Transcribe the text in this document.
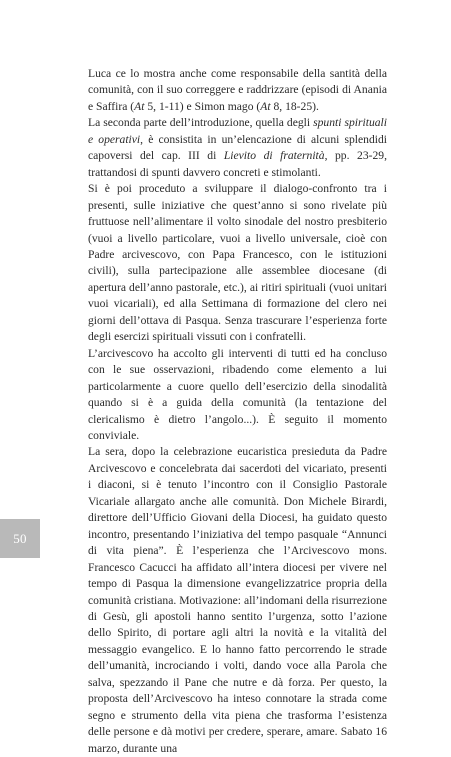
Luca ce lo mostra anche come responsabile della santità della comunità, con il suo correggere e raddrizzare (episodi di Anania e Saffira (At 5, 1-11) e Simon mago (At 8, 18-25).

La seconda parte dell’introduzione, quella degli spunti spirituali e operativi, è consistita in un’elencazione di alcuni splendidi capoversi del cap. III di Lievito di fraternità, pp. 23-29, trattandosi di spunti davvero concreti e stimolanti.

Si è poi proceduto a sviluppare il dialogo-confronto tra i presenti, sulle iniziative che quest’anno si sono rivelate più fruttuose nell’alimentare il volto sinodale del nostro presbiterio (vuoi a livello particolare, vuoi a livello universale, cioè con Padre arcivescovo, con Papa Francesco, con le istituzioni civili), sulla partecipazione alle assemblee diocesane (di apertura dell’anno pastorale, etc.), ai ritiri spirituali (vuoi unitari vuoi vicariali), ed alla Settimana di formazione del clero nei giorni dell’ottava di Pasqua. Senza trascurare l’esperienza forte degli esercizi spirituali vissuti con i confratelli.

L’arcivescovo ha accolto gli interventi di tutti ed ha concluso con le sue osservazioni, ribadendo come elemento a lui particolarmente a cuore quello dell’esercizio della sinodalità quando si è a guida della comunità (la tentazione del clericalismo è dietro l’angolo...). È seguito il momento conviviale.

La sera, dopo la celebrazione eucaristica presieduta da Padre Arcivescovo e concelebrata dai sacerdoti del vicariato, presenti i diaconi, si è tenuto l’incontro con il Consiglio Pastorale Vicariale allargato anche alle comunità. Don Michele Birardi, direttore dell’Ufficio Giovani della Diocesi, ha guidato questo incontro, presentando l’iniziativa del tempo pasquale “Annunci di vita piena”. È l’esperienza che l’Arcivescovo mons. Francesco Cacucci ha affidato all’intera diocesi per vivere nel tempo di Pasqua la dimensione evangelizzatrice propria della comunità cristiana. Motivazione: all’indomani della risurrezione di Gesù, gli apostoli hanno sentito l’urgenza, sotto l’azione dello Spirito, di portare agli altri la novità e la vitalità del messaggio evangelico. E lo hanno fatto percorrendo le strade dell’umanità, incrociando i volti, dando voce alla Parola che salva, spezzando il Pane che nutre e dà forza. Per questo, la proposta dell’Arcivescovo ha inteso connotare la strada come segno e strumento della vita piena che trasforma l’esistenza delle persone e dà motivi per credere, sperare, amare. Sabato 16 marzo, durante una

50
